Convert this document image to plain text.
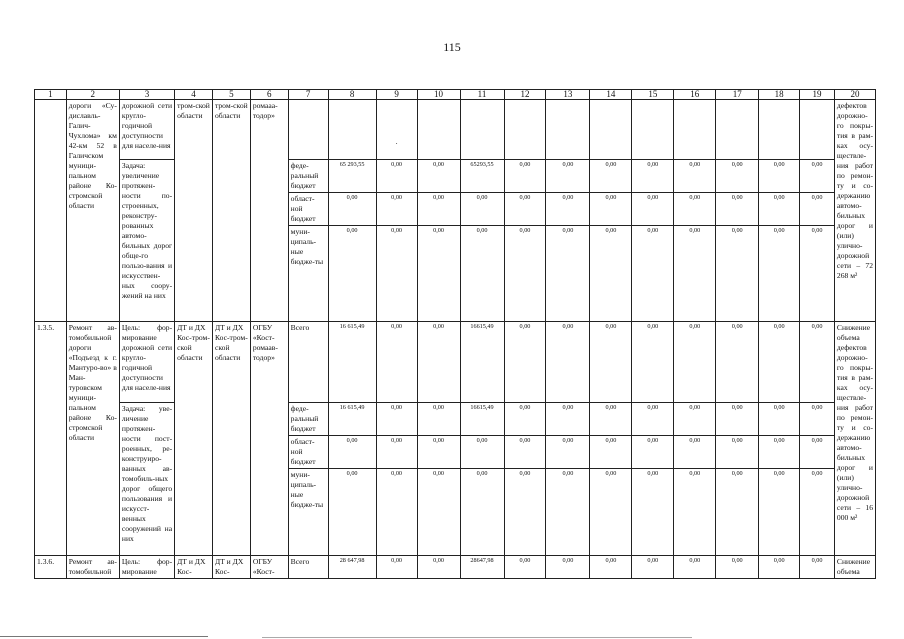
115
1	2	3	4	5	6	7	8	9	10	11	12	13	14	15	16	17	18	19	20
	дороги «Су-диславль-Галич-Чухлома» км 42-км 52 в Галичском муници-пальном районе Ко-стромской области	дорожной сети кругло-годичной доступности для населе-ния	тром-ской области	тром-ской области	ромааа-тодор»			·											дефектов дорожно-го покры-тия в рам-ках осу-ществле-ния работ по ремон-ту и со-держанию автомо-бильных дорог и (или) улично-дорожной сети – 72 268 м²
		Задача: увеличение протяжен-ности по-строенных, реконстру-рованных автомо-бильных дорог обще-го пользо-вания и искусствен-ных соору-жений на них				феде-ральный бюджет	65 293,55	0,00	0,00	65293,55	0,00	0,00	0,00	0,00	0,00	0,00	0,00	0,00	
						област-ной бюджет	0,00	0,00	0,00	0,00	0,00	0,00	0,00	0,00	0,00	0,00	0,00	0,00	
						муни-ципаль-ные бюдже-ты	0,00	0,00	0,00	0,00	0,00	0,00	0,00	0,00	0,00	0,00	0,00	0,00	
1.3.5.	Ремонт ав-томобильной дороги «Подъезд к г. Мантуро-во» в Ман-туровском муници-пальном районе Ко-стромской области	Цель: фор-мирование дорожной сети кругло-годичной доступности для населе-ния	ДТ и ДХ Кос-тром-ской области	ДТ и ДХ Кос-тром-ской области	ОГБУ «Кост-ромаав-тодор»	Всего	16 615,49	0,00	0,00	16615,49	0,00	0,00	0,00	0,00	0,00	0,00	0,00	0,00	Снижение объема дефектов дорожно-го покры-тия в рам-ках осу-ществле-ния работ по ремон-ту и со-держанию автомо-бильных дорог и (или) улично-дорожной сети – 16 000 м²
		Задача: уве-личение протяжен-ности пост-роенных, ре-конструиро-ванных ав-томобиль-ных дорог общего пользования и искусст-венных сооружений на них				феде-ральный бюджет	16 615,49	0,00	0,00	16615,49	0,00	0,00	0,00	0,00	0,00	0,00	0,00	0,00	
						област-ной бюджет	0,00	0,00	0,00	0,00	0,00	0,00	0,00	0,00	0,00	0,00	0,00	0,00	
						муни-ципаль-ные бюдже-ты	0,00	0,00	0,00	0,00	0,00	0,00	0,00	0,00	0,00	0,00	0,00	0,00	
1.3.6.	Ремонт ав-томобильной	Цель: фор-мирование	ДТ и ДХ Кос-	ДТ и ДХ Кос-	ОГБУ «Кост-	Всего	28 647,98	0,00	0,00	28647,98	0,00	0,00	0,00	0,00	0,00	0,00	0,00	0,00	Снижение объема
